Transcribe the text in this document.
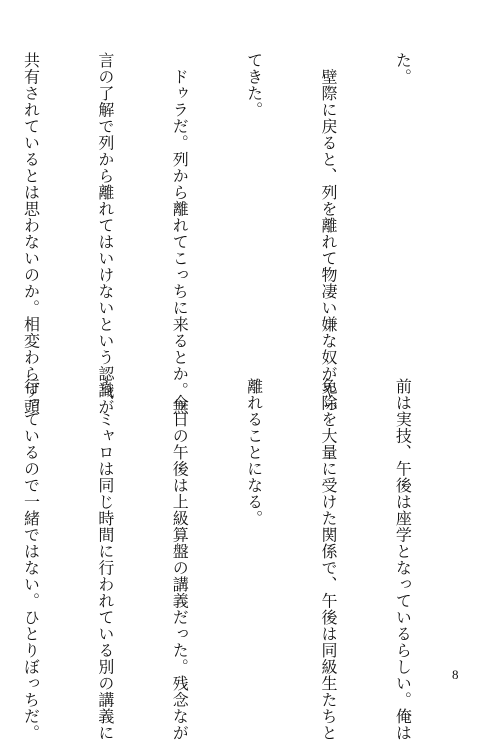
た。

　壁際に戻ると、列を離れて物凄い嫌な奴がやっ

てきた。

　ドゥラだ。列から離れてこっちに来るとか。無

言の了解で列から離れてはいけないという認識が

共有されているとは思わないのか。相変わらず頭

前は実技、午後は座学となっているらしい。俺は

免除を大量に受けた関係で、午後は同級生たちと

離れることになる。

　今日の午後は上級算盤の講義だった。残念なが

ら、ミャロは同じ時間に行われている別の講義に

行っているので一緒ではない。ひとりぼっちだ。

	8
